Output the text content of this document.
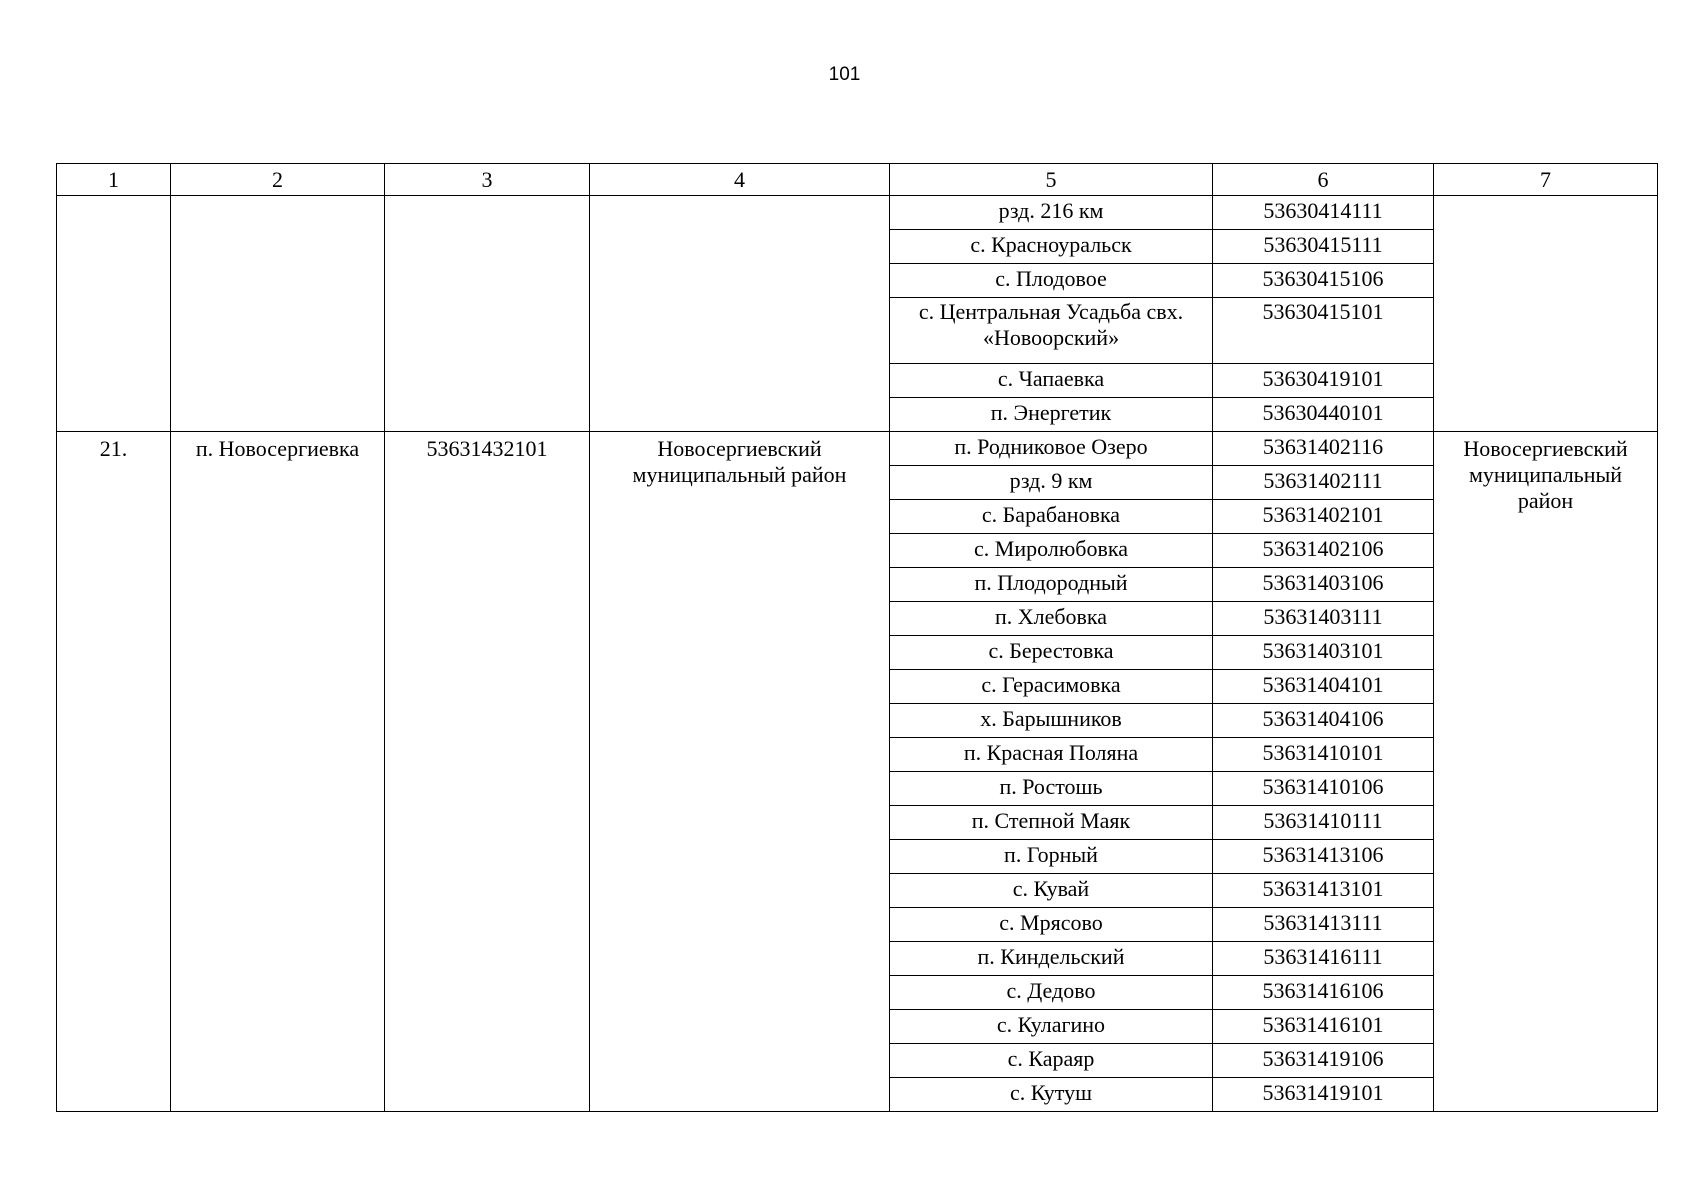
101
1	2	3	4	5	6	7
				рзд. 216 км	53630414111	
				с. Красноуральск	53630415111	
				с. Плодовое	53630415106	
				с. Центральная Усадьба свх. «Новоорский»	53630415101	
				с. Чапаевка	53630419101	
				п. Энергетик	53630440101	
21.	п. Новосергиевка	53631432101	Новосергиевский муниципальный район	п. Родниковое Озеро	53631402116	Новосергиевский муниципальный район
				рзд. 9 км	53631402111	
				с. Барабановка	53631402101	
				с. Миролюбовка	53631402106	
				п. Плодородный	53631403106	
				п. Хлебовка	53631403111	
				с. Берестовка	53631403101	
				с. Герасимовка	53631404101	
				х. Барышников	53631404106	
				п. Красная Поляна	53631410101	
				п. Ростошь	53631410106	
				п. Степной Маяк	53631410111	
				п. Горный	53631413106	
				с. Кувай	53631413101	
				с. Мрясово	53631413111	
				п. Киндельский	53631416111	
				с. Дедово	53631416106	
				с. Кулагино	53631416101	
				с. Караяр	53631419106	
				с. Кутуш	53631419101	
